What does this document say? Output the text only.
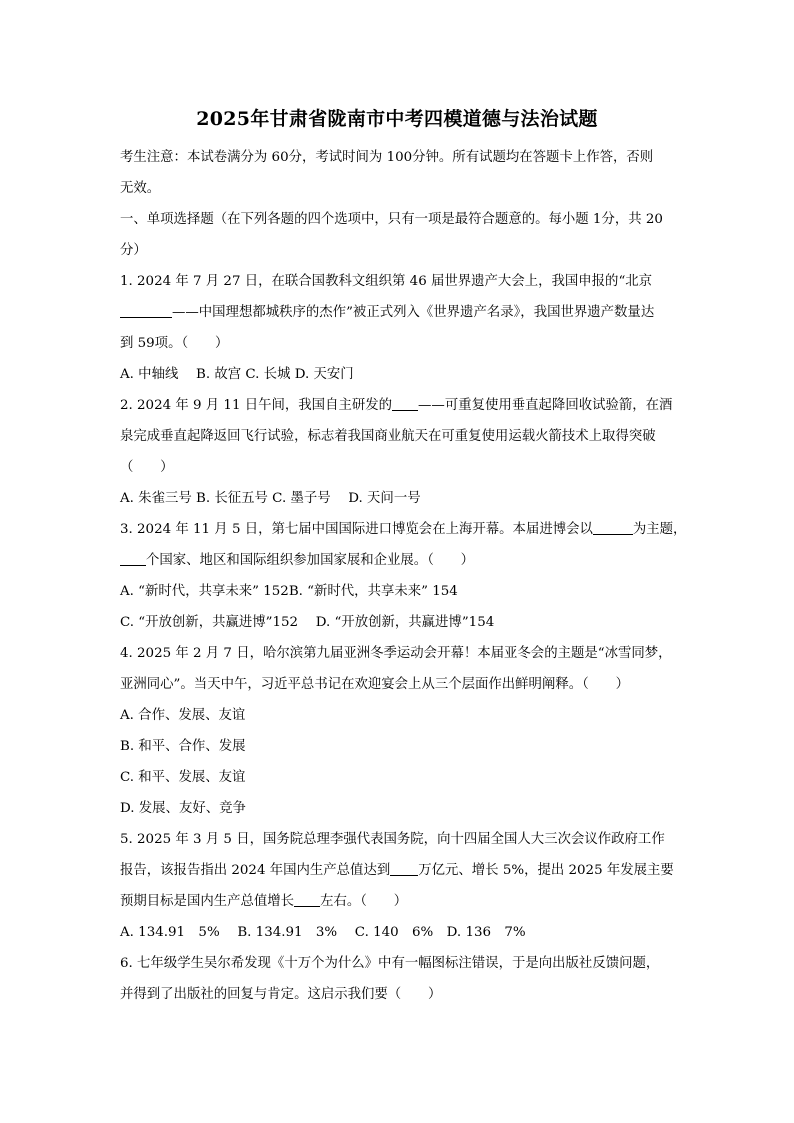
2025年甘肃省陇南市中考四模道德与法治试题
考生注意：本试卷满分为 60分，考试时间为 100分钟。所有试题均在答题卡上作答，否则
无效。
一、单项选择题（在下列各题的四个选项中，只有一项是最符合题意的。每小题 1分，共 20
分）
1. 2024 年 7 月 27 日，在联合国教科文组织第 46 届世界遗产大会上，我国申报的“北京
——中国理想都城秩序的杰作”被正式列入《世界遗产名录》，我国世界遗产数量达
到 59项。（　　）
A. 中轴线　 B. 故宫 C. 长城 D. 天安门
2. 2024 年 9 月 11 日午间，我国自主研发的 ——可重复使用垂直起降回收试验箭，在酒
泉完成垂直起降返回飞行试验，标志着我国商业航天在可重复使用运载火箭技术上取得突破
（　　）
A. 朱雀三号 B. 长征五号 C. 墨子号　 D. 天问一号
3. 2024 年 11 月 5 日，第七届中国国际进口博览会在上海开幕。本届进博会以	为主题，
个国家、地区和国际组织参加国家展和企业展。（　　）
A. “新时代，共享未来” 152B. “新时代，共享未来” 154
C. “开放创新，共赢进博”152　 D. “开放创新，共赢进博”154
4. 2025 年 2 月 7 日，哈尔滨第九届亚洲冬季运动会开幕！本届亚冬会的主题是“冰雪同梦，
亚洲同心”。当天中午，习近平总书记在欢迎宴会上从三个层面作出鲜明阐释。（　　）
A. 合作、发展、友谊
B. 和平、合作、发展
C. 和平、发展、友谊
D. 发展、友好、竞争
5. 2025 年 3 月 5 日，国务院总理李强代表国务院，向十四届全国人大三次会议作政府工作
报告，该报告指出 2024 年国内生产总值达到 万亿元、增长 5%，提出 2025 年发展主要
预期目标是国内生产总值增长 左右。（　　）
A. 134.91　5%　 B. 134.91　3%　 C. 140　6%　D. 136　7%
6. 七年级学生吴尔希发现《十万个为什么》中有一幅图标注错误，于是向出版社反馈问题，
并得到了出版社的回复与肯定。这启示我们要（　　）
